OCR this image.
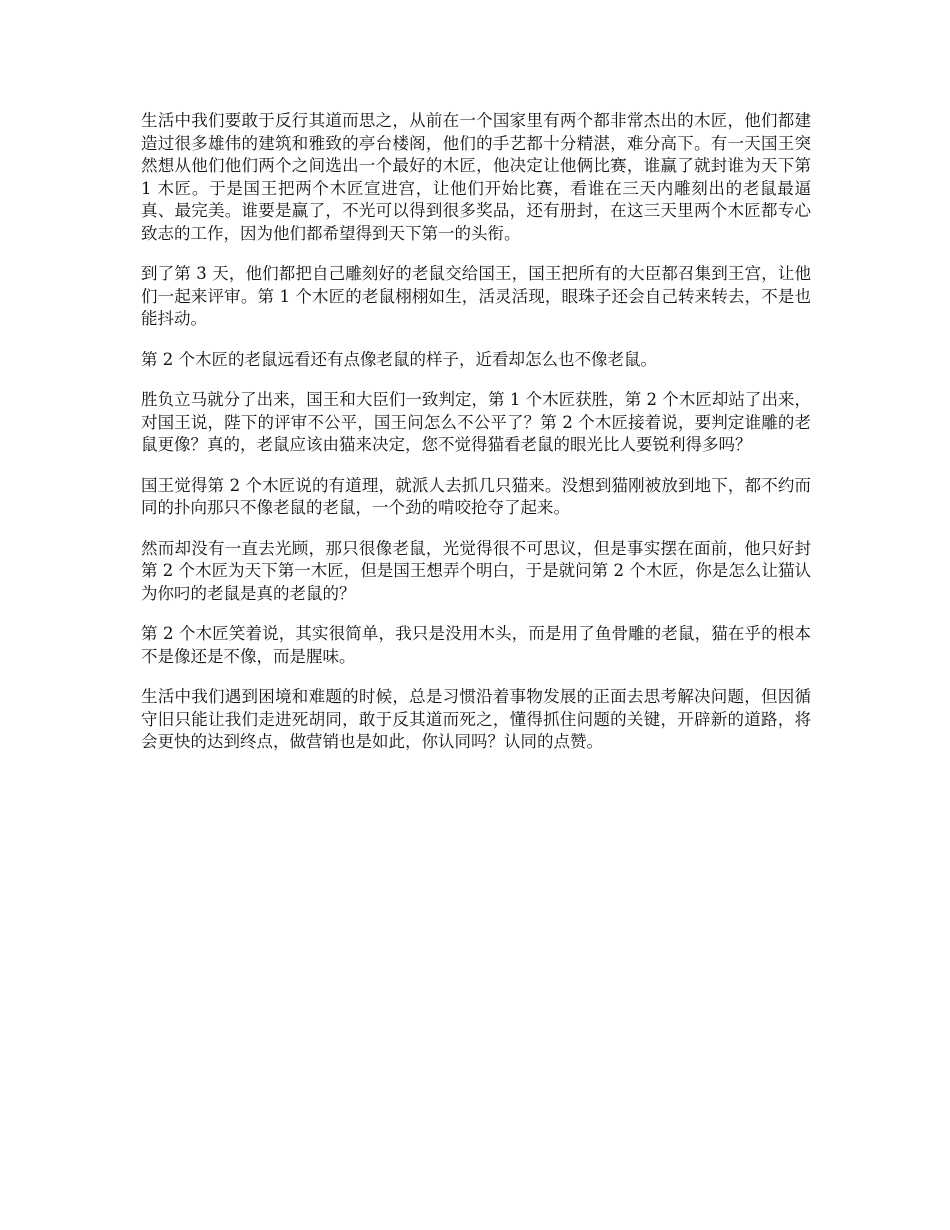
生活中我们要敢于反行其道而思之，从前在一个国家里有两个都非常杰出的木匠，他们都建造过很多雄伟的建筑和雅致的亭台楼阁，他们的手艺都十分精湛，难分高下。有一天国王突然想从他们他们两个之间选出一个最好的木匠，他决定让他俩比赛，谁赢了就封谁为天下第 1 木匠。于是国王把两个木匠宣进宫，让他们开始比赛，看谁在三天内雕刻出的老鼠最逼真、最完美。谁要是赢了，不光可以得到很多奖品，还有册封，在这三天里两个木匠都专心致志的工作，因为他们都希望得到天下第一的头衔。

到了第 3 天，他们都把自己雕刻好的老鼠交给国王，国王把所有的大臣都召集到王宫，让他们一起来评审。第 1 个木匠的老鼠栩栩如生，活灵活现，眼珠子还会自己转来转去，不是也能抖动。

第 2 个木匠的老鼠远看还有点像老鼠的样子，近看却怎么也不像老鼠。

胜负立马就分了出来，国王和大臣们一致判定，第 1 个木匠获胜，第 2 个木匠却站了出来，对国王说，陛下的评审不公平，国王问怎么不公平了？第 2 个木匠接着说，要判定谁雕的老鼠更像？真的，老鼠应该由猫来决定，您不觉得猫看老鼠的眼光比人要锐利得多吗？

国王觉得第 2 个木匠说的有道理，就派人去抓几只猫来。没想到猫刚被放到地下，都不约而同的扑向那只不像老鼠的老鼠，一个劲的啃咬抢夺了起来。

然而却没有一直去光顾，那只很像老鼠，光觉得很不可思议，但是事实摆在面前，他只好封第 2 个木匠为天下第一木匠，但是国王想弄个明白，于是就问第 2 个木匠，你是怎么让猫认为你叼的老鼠是真的老鼠的？

第 2 个木匠笑着说，其实很简单，我只是没用木头，而是用了鱼骨雕的老鼠，猫在乎的根本不是像还是不像，而是腥味。

生活中我们遇到困境和难题的时候，总是习惯沿着事物发展的正面去思考解决问题，但因循守旧只能让我们走进死胡同，敢于反其道而死之，懂得抓住问题的关键，开辟新的道路，将会更快的达到终点，做营销也是如此，你认同吗？认同的点赞。
